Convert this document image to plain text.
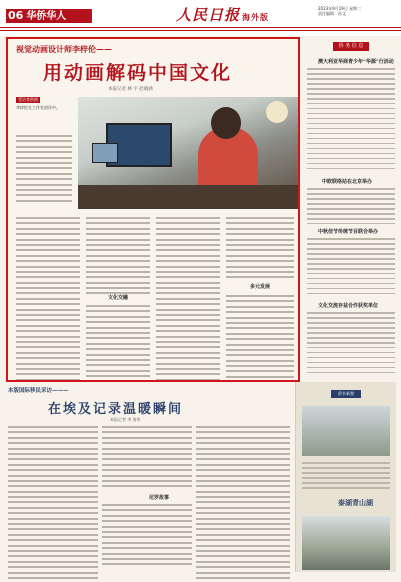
06 华侨华人	人民日报 海外版
2023年9月19日 星期二
责任编辑：孙文
视觉动画设计师李梓伦——
用动画解码中国文化
本报记者 林 宇 赵晓涵
受访者供图
李梓伦在工作室创作中。
文化交融
多元发展
侨 务 信 息
澳大利亚华商青少年“华源”行活动
中欧联络站在北京举办
中秋佳节传统节目联合举办
文化交流存益合作获奖单位
本版国际移民采访———
在埃及记录温暖瞬间
本报记者 李 海华
尼罗故事
侨乡新貌
泰湖青山湖
